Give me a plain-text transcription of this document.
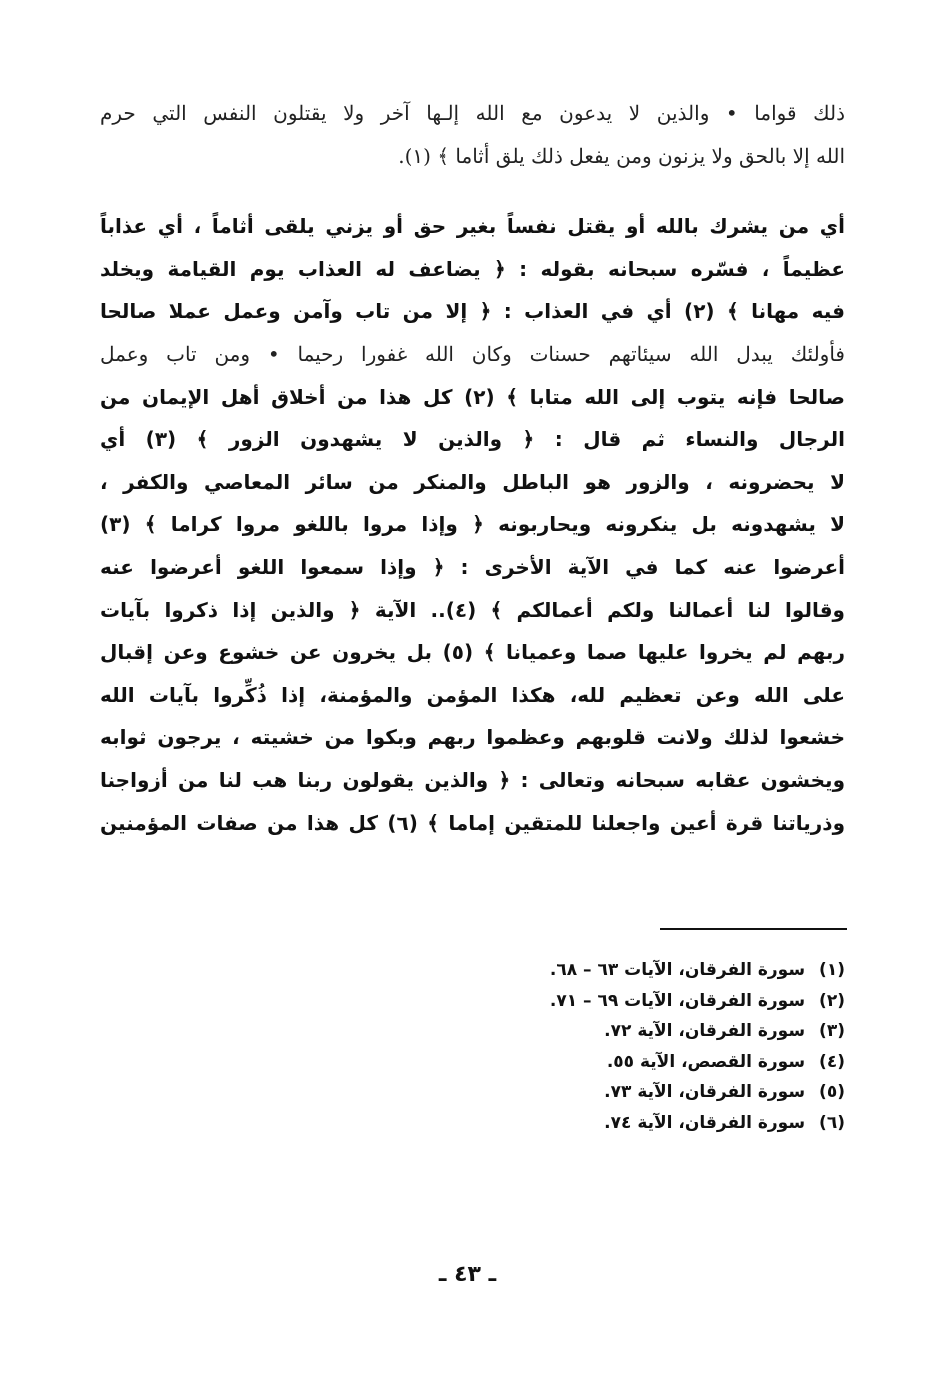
ذلك قواما • والذين لا يدعون مع الله إلـها آخر ولا يقتلون النفس التي حرم
الله إلا بالحق ولا يزنون ومن يفعل ذلك يلق أثاما ﴾ (١).
أي من يشرك بالله أو يقتل نفساً بغير حق أو يزني يلقى أثاماً ، أي عذاباً
عظيماً ، فسّره سبحانه بقوله : ﴿ يضاعف له العذاب يوم القيامة ويخلد
فيه مهانا ﴾ (٢) أي في العذاب : ﴿ إلا من تاب وآمن وعمل عملا صالحا
فأولئك يبدل الله سيئاتهم حسنات وكان الله غفورا رحيما • ومن تاب وعمل
صالحا فإنه يتوب إلى الله متابا ﴾ (٢) كل هذا من أخلاق أهل الإيمان من
الرجال والنساء ثم قال : ﴿ والذين لا يشهدون الزور ﴾ (٣) أي
لا يحضرونه ، والزور هو الباطل والمنكر من سائر المعاصي والكفر ،
لا يشهدونه بل ينكرونه ويحاربونه ﴿ وإذا مروا باللغو مروا كراما ﴾ (٣)
أعرضوا عنه كما في الآية الأخرى : ﴿ وإذا سمعوا اللغو أعرضوا عنه
وقالوا لنا أعمالنا ولكم أعمالكم ﴾ (٤).. الآية ﴿ والذين إذا ذكروا بآيات
ربهم لم يخروا عليها صما وعميانا ﴾ (٥) بل يخرون عن خشوع وعن إقبال
على الله وعن تعظيم لله، هكذا المؤمن والمؤمنة، إذا ذُكِّروا بآيات الله
خشعوا لذلك ولانت قلوبهم وعظموا ربهم وبكوا من خشيته ، يرجون ثوابه
ويخشون عقابه سبحانه وتعالى : ﴿ والذين يقولون ربنا هب لنا من أزواجنا
وذرياتنا قرة أعين واجعلنا للمتقين إماما ﴾ (٦) كل هذا من صفات المؤمنين
(١)سورة الفرقان، الآيات ٦٣ – ٦٨.
(٢)سورة الفرقان، الآيات ٦٩ – ٧١.
(٣)سورة الفرقان، الآية ٧٢.
(٤)سورة القصص، الآية ٥٥.
(٥)سورة الفرقان، الآية ٧٣.
(٦)سورة الفرقان، الآية ٧٤.
ـ ٤٣ ـ
